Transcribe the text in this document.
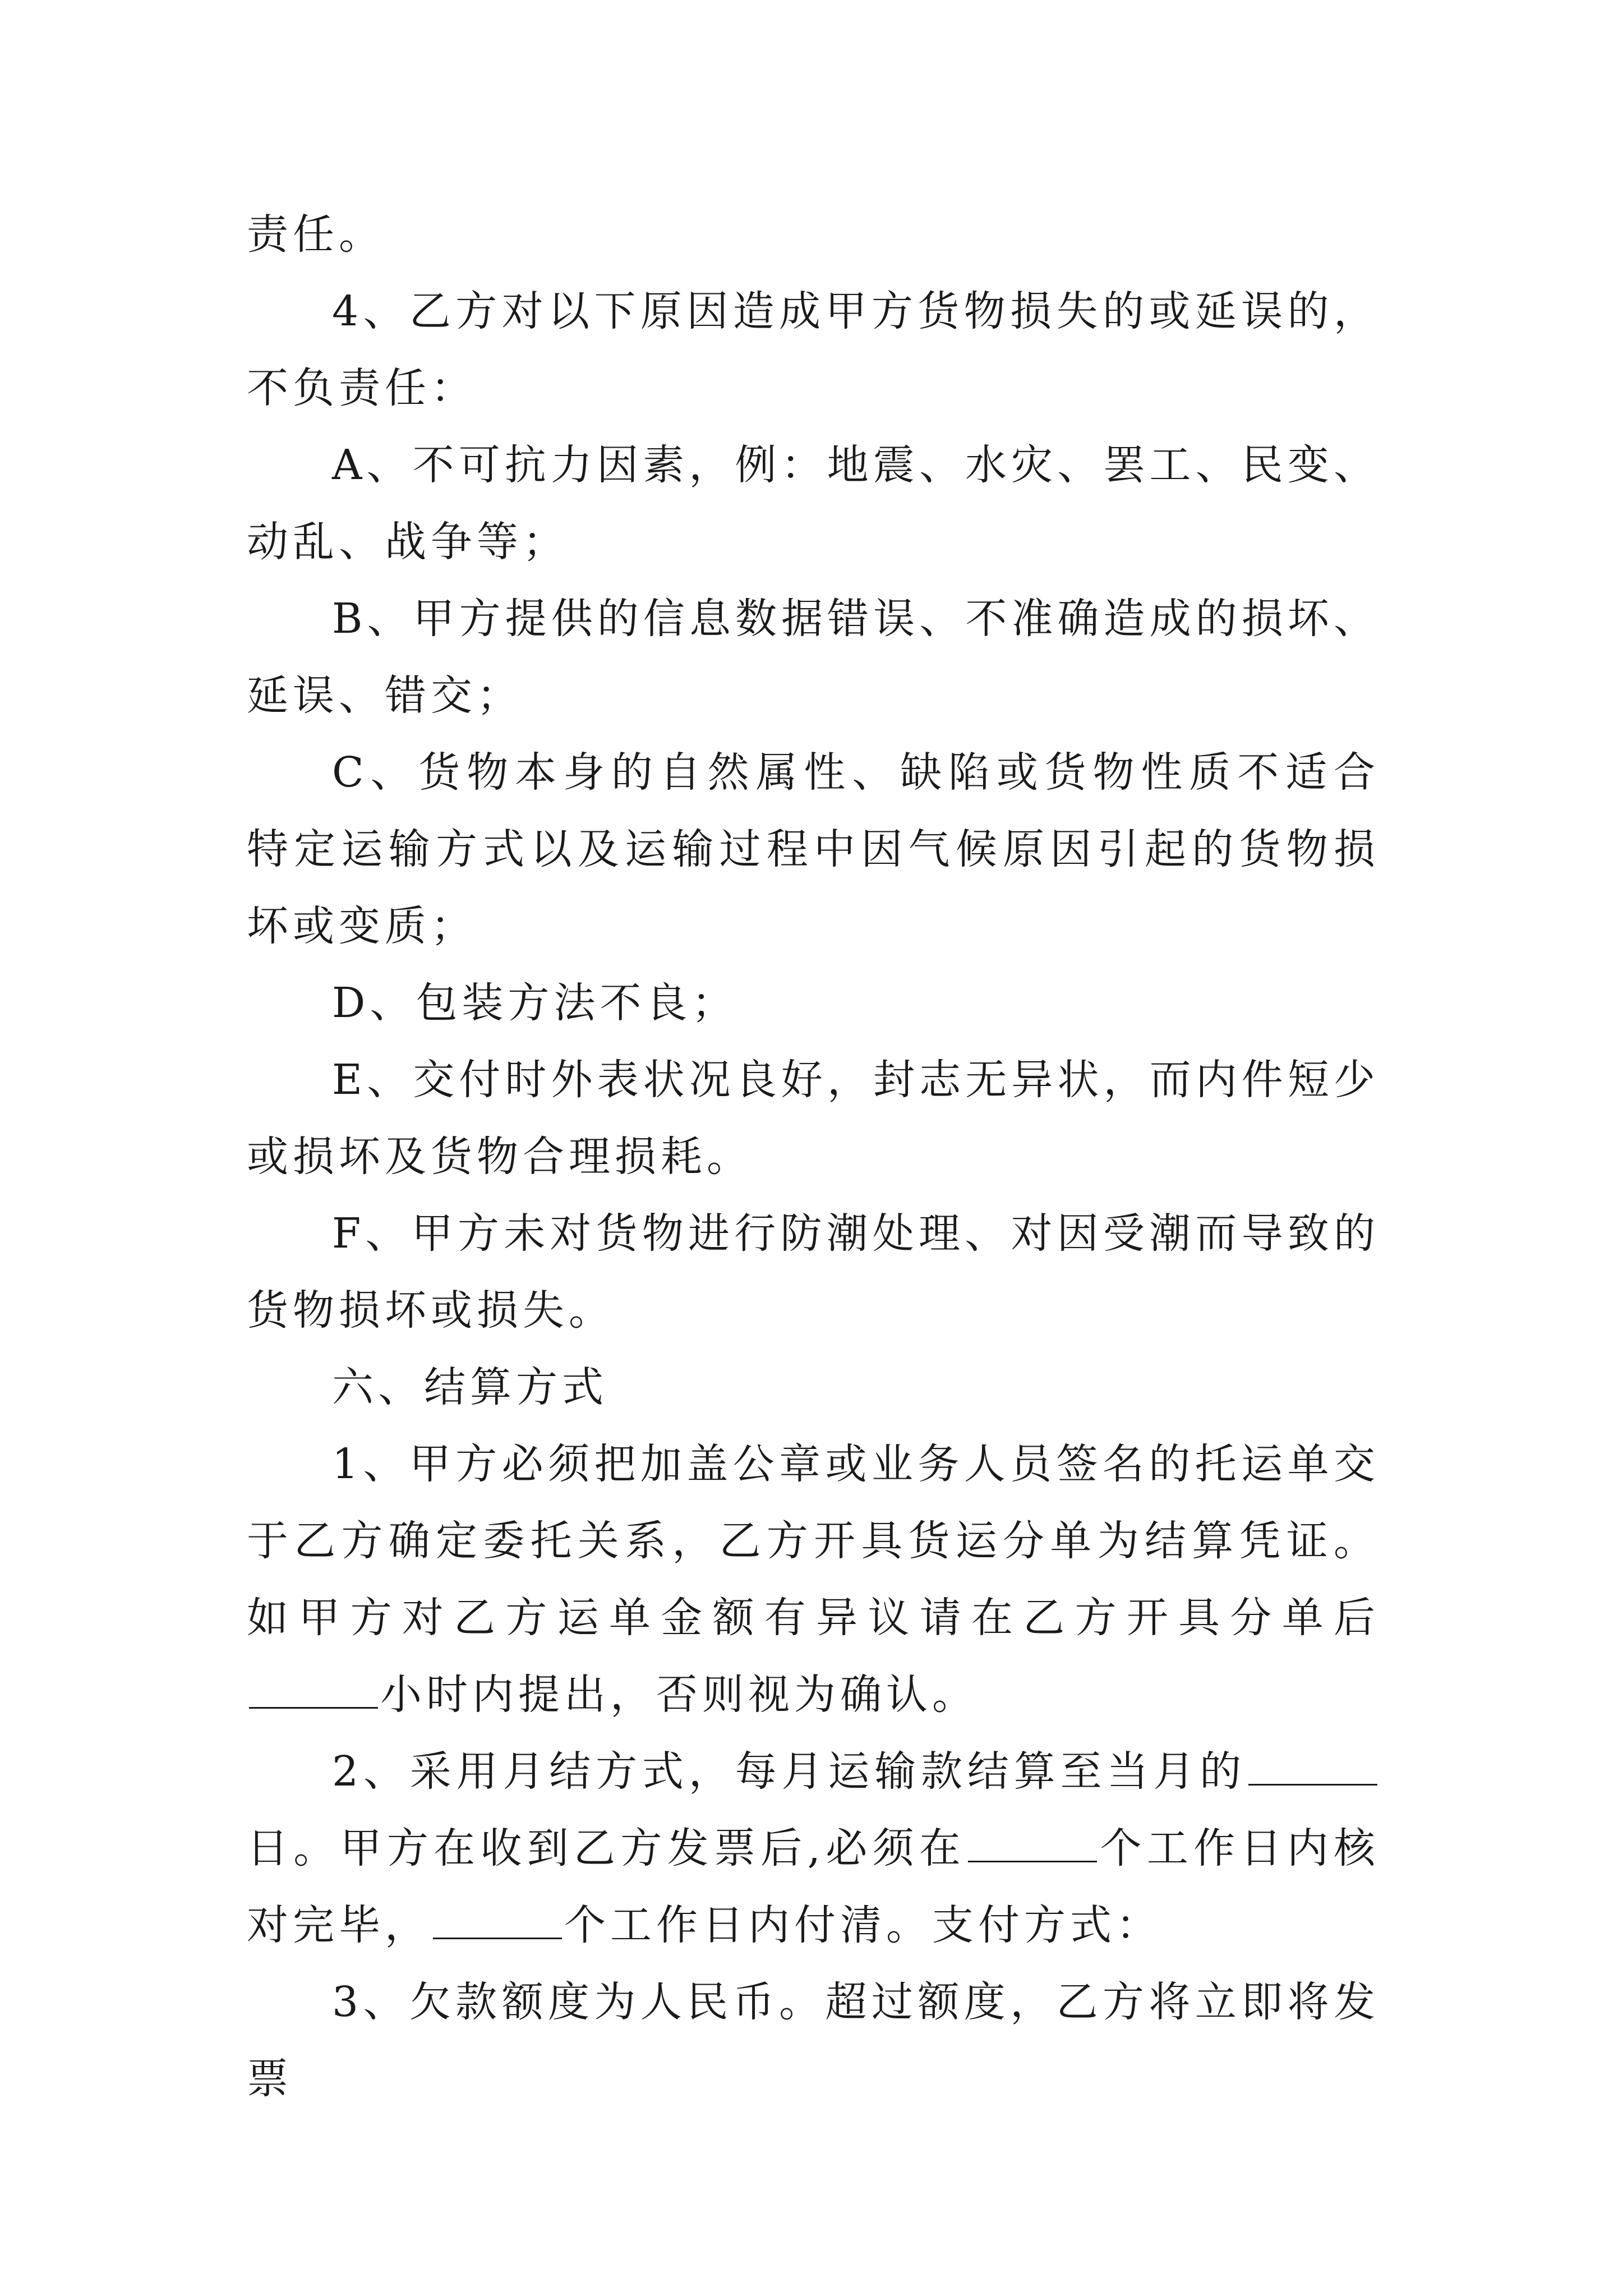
责任。

4、乙方对以下原因造成甲方货物损失的或延误的，不负责任：

A、不可抗力因素，例：地震、水灾、罢工、民变、动乱、战争等；

B、甲方提供的信息数据错误、不准确造成的损坏、延误、错交；

C、货物本身的自然属性、缺陷或货物性质不适合特定运输方式以及运输过程中因气候原因引起的货物损坏或变质；

D、包装方法不良；

E、交付时外表状况良好，封志无异状，而内件短少或损坏及货物合理损耗。

F、甲方未对货物进行防潮处理、对因受潮而导致的货物损坏或损失。

六、结算方式

1、甲方必须把加盖公章或业务人员签名的托运单交于乙方确定委托关系，乙方开具货运分单为结算凭证。如甲方对乙方运单金额有异议请在乙方开具分单后小时内提出，否则视为确认。

2、采用月结方式，每月运输款结算至当月的日。甲方在收到乙方发票后,必须在	个工作日内核对完毕，	个工作日内付清。支付方式：

3、欠款额度为人民币。超过额度，乙方将立即将发票
